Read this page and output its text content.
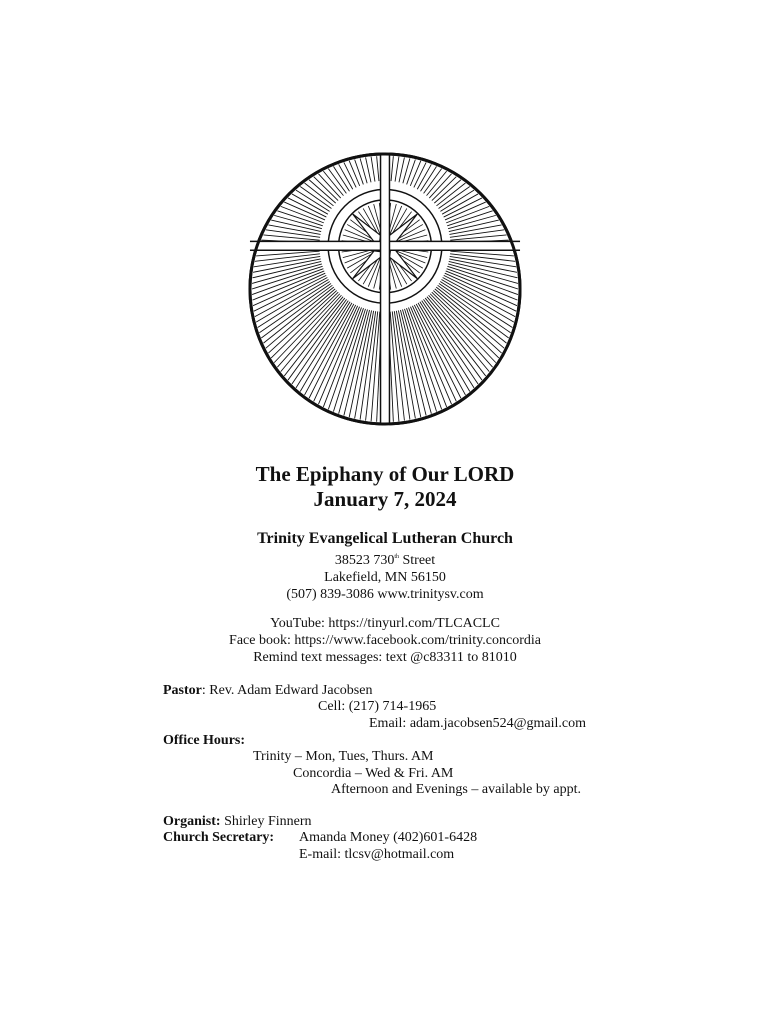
The Epiphany of Our LORD
January 7, 2024
Trinity Evangelical Lutheran Church
38523 730th Street
Lakefield, MN 56150
(507) 839-3086 www.trinitysv.com
YouTube: https://tinyurl.com/TLCACLC
Face book: https://www.facebook.com/trinity.concordia
Remind text messages: text @c83311 to 81010
Pastor: Rev. Adam Edward Jacobsen
Cell: (217) 714-1965
Email: adam.jacobsen524@gmail.com
Office Hours:
Trinity – Mon, Tues, Thurs. AM
Concordia – Wed & Fri. AM
Afternoon and Evenings – available by appt.
Organist: Shirley Finnern
Church Secretary: Amanda Money (402)601-6428
E-mail: tlcsv@hotmail.com
